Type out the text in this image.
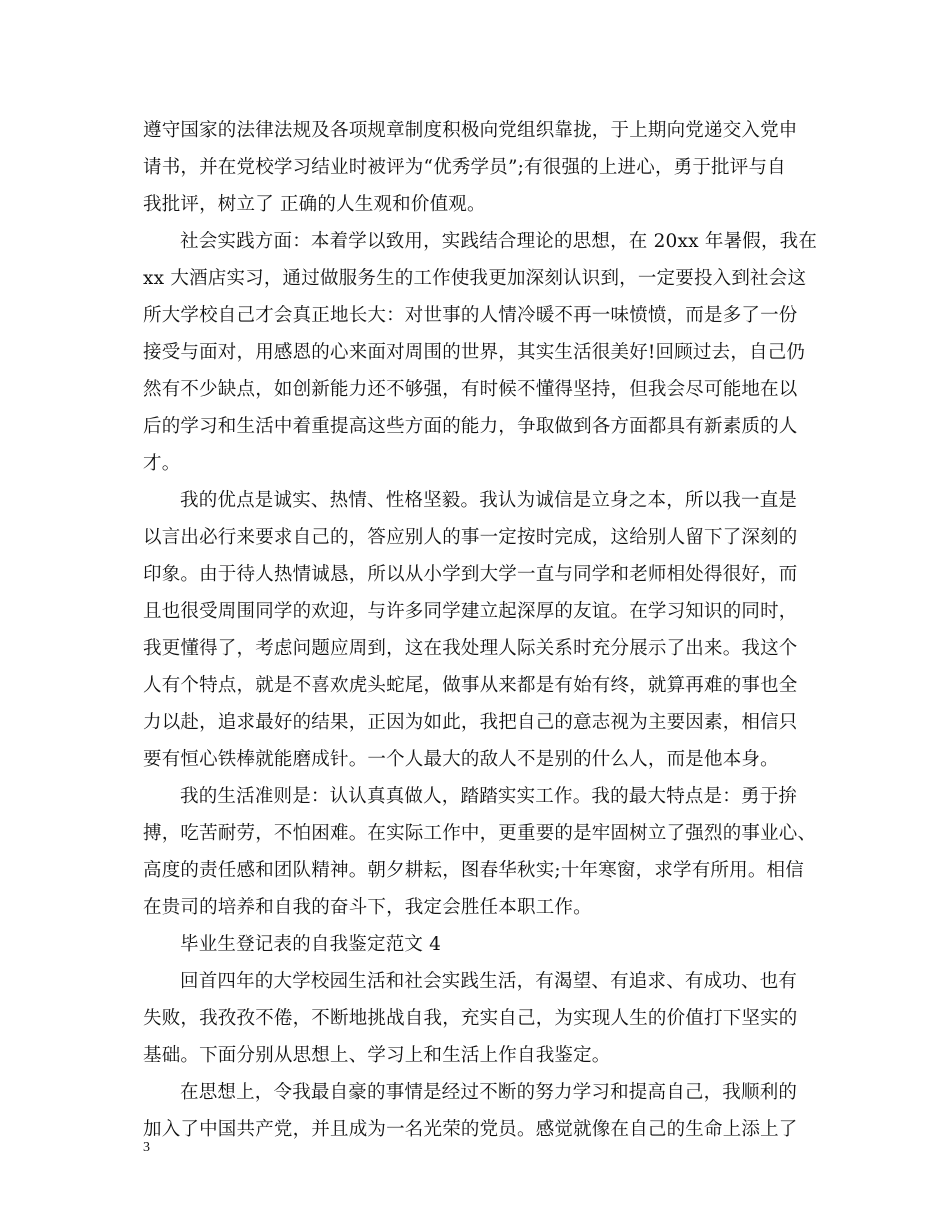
遵守国家的法律法规及各项规章制度积极向党组织靠拢，于上期向党递交入党申
请书，并在党校学习结业时被评为“优秀学员”;有很强的上进心，勇于批评与自
我批评，树立了 正确的人生观和价值观。
社会实践方面：本着学以致用，实践结合理论的思想，在 20xx 年暑假，我在
xx 大酒店实习，通过做服务生的工作使我更加深刻认识到，一定要投入到社会这
所大学校自己才会真正地长大：对世事的人情冷暖不再一味愤愤，而是多了一份
接受与面对，用感恩的心来面对周围的世界，其实生活很美好!回顾过去，自己仍
然有不少缺点，如创新能力还不够强，有时候不懂得坚持，但我会尽可能地在以
后的学习和生活中着重提高这些方面的能力，争取做到各方面都具有新素质的人
才。
我的优点是诚实、热情、性格坚毅。我认为诚信是立身之本，所以我一直是
以言出必行来要求自己的，答应别人的事一定按时完成，这给别人留下了深刻的
印象。由于待人热情诚恳，所以从小学到大学一直与同学和老师相处得很好，而
且也很受周围同学的欢迎，与许多同学建立起深厚的友谊。在学习知识的同时，
我更懂得了，考虑问题应周到，这在我处理人际关系时充分展示了出来。我这个
人有个特点，就是不喜欢虎头蛇尾，做事从来都是有始有终，就算再难的事也全
力以赴，追求最好的结果，正因为如此，我把自己的意志视为主要因素，相信只
要有恒心铁棒就能磨成针。一个人最大的敌人不是别的什么人，而是他本身。
我的生活准则是：认认真真做人，踏踏实实工作。我的最大特点是：勇于拚
搏，吃苦耐劳，不怕困难。在实际工作中，更重要的是牢固树立了强烈的事业心、
高度的责任感和团队精神。朝夕耕耘，图春华秋实;十年寒窗，求学有所用。相信
在贵司的培养和自我的奋斗下，我定会胜任本职工作。
毕业生登记表的自我鉴定范文 4
回首四年的大学校园生活和社会实践生活，有渴望、有追求、有成功、也有
失败，我孜孜不倦，不断地挑战自我，充实自己，为实现人生的价值打下坚实的
基础。下面分别从思想上、学习上和生活上作自我鉴定。
在思想上，令我最自豪的事情是经过不断的努力学习和提高自己，我顺利的
加入了中国共产党，并且成为一名光荣的党员。感觉就像在自己的生命上添上了
3
